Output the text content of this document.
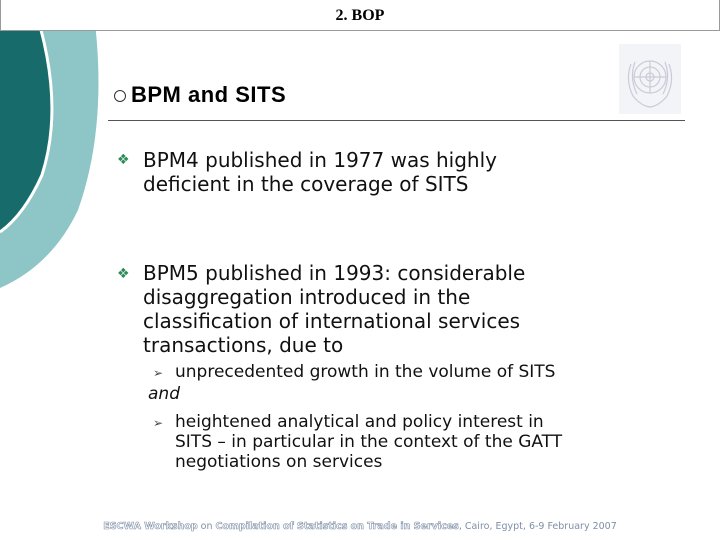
2. BOP
BPM and SITS
❖ BPM4 published in 1977 was highly
deficient in the coverage of SITS
❖ BPM5 published in 1993: considerable
disaggregation introduced in the
classification of international services
transactions, due to
➢ unprecedented growth in the volume of SITS
and
➢ heightened analytical and policy interest in
SITS – in particular in the context of the GATT
negotiations on services
ESCWA Workshop on Compilation of Statistics on Trade in Services, Cairo, Egypt, 6-9 February 2007
